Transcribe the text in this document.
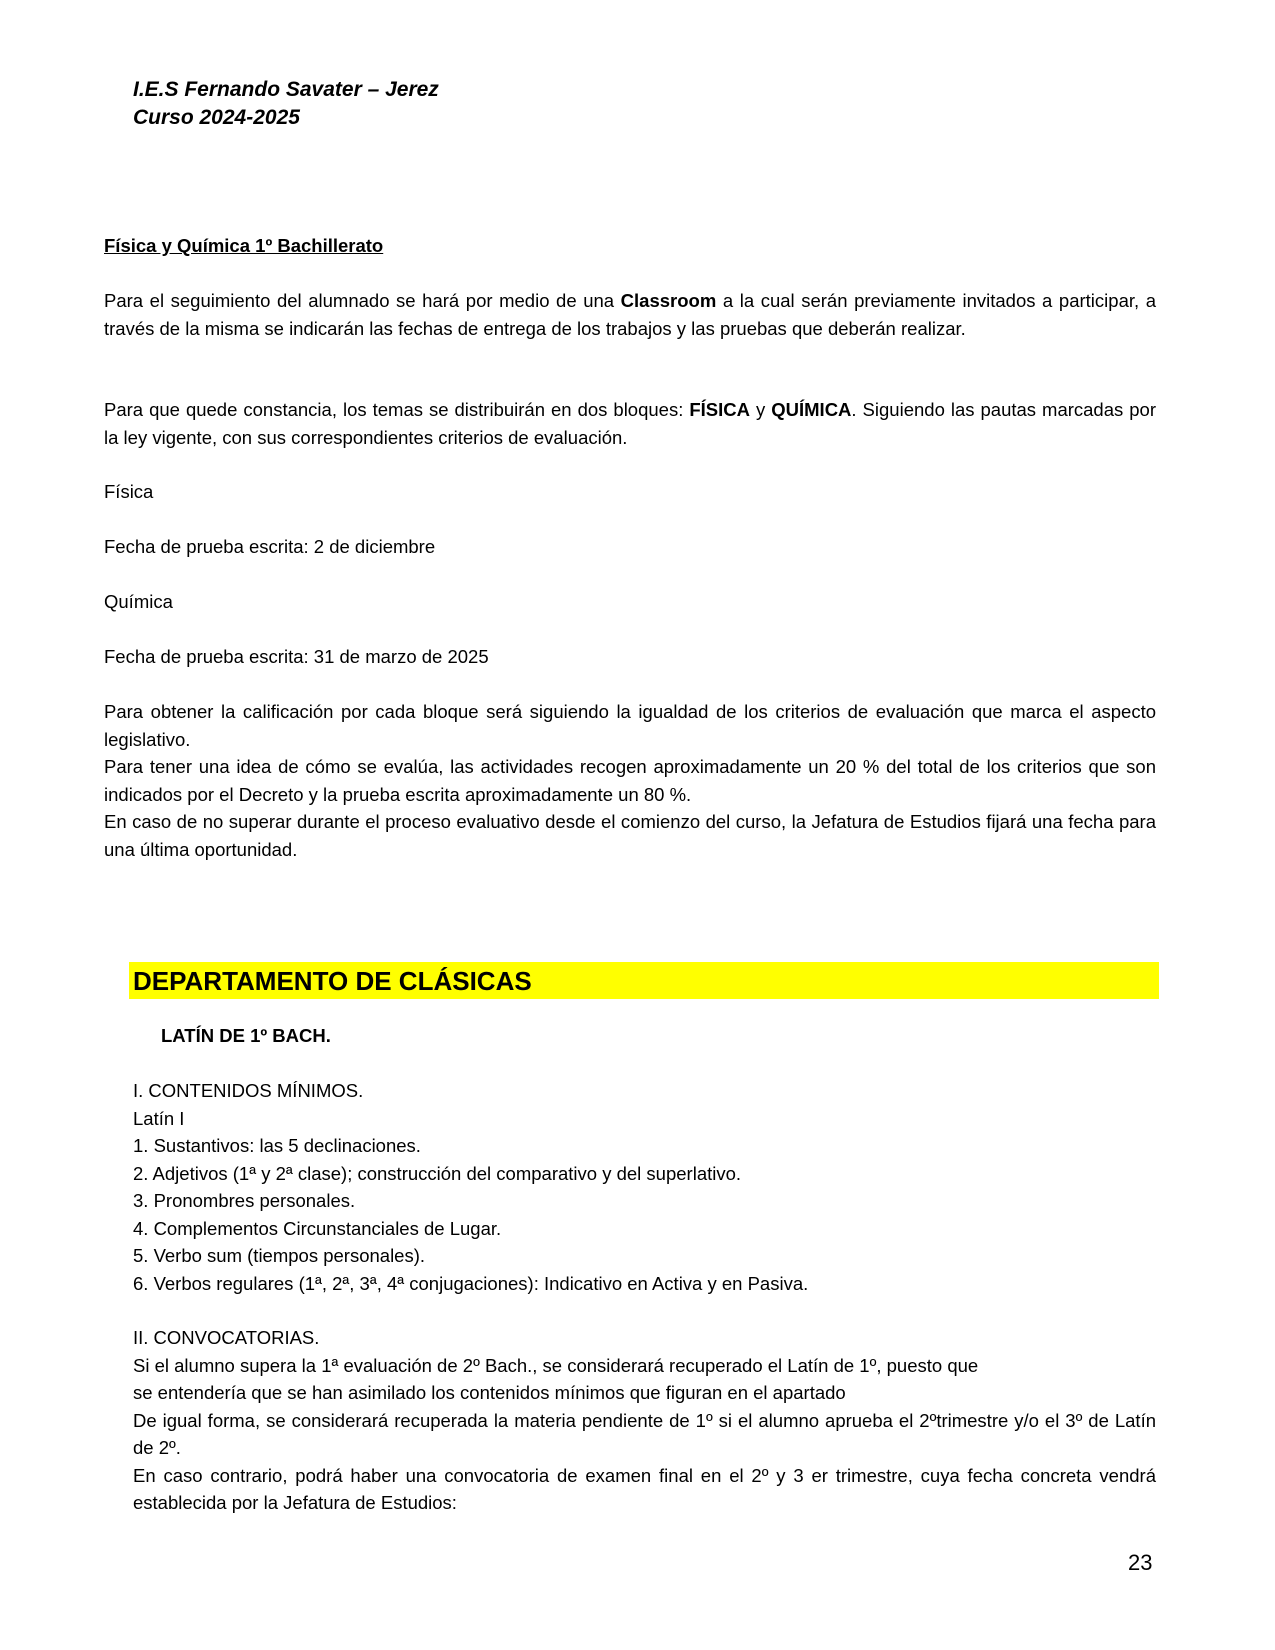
I.E.S Fernando Savater – Jerez
Curso 2024-2025
Física y Química 1º Bachillerato
Para el seguimiento del alumnado se hará por medio de una Classroom a la cual serán previamente invitados a participar, a través de la misma se indicarán las fechas de entrega de los trabajos y las pruebas que deberán realizar.
Para que quede constancia, los temas se distribuirán en dos bloques: FÍSICA y QUÍMICA. Siguiendo las pautas marcadas por la ley vigente, con sus correspondientes criterios de evaluación.
Física
Fecha de prueba escrita: 2 de diciembre
Química
Fecha de prueba escrita: 31 de marzo de 2025

Para obtener la calificación por cada bloque será siguiendo la igualdad de los criterios de evaluación que marca el aspecto legislativo.

Para tener una idea de cómo se evalúa, las actividades recogen aproximadamente un 20 % del total de los criterios que son indicados por el Decreto y la prueba escrita aproximadamente un 80 %.

En caso de no superar durante el proceso evaluativo desde el comienzo del curso, la Jefatura de Estudios fijará una fecha para una última oportunidad.

DEPARTAMENTO DE CLÁSICAS
LATÍN DE 1º BACH.
I. CONTENIDOS MÍNIMOS.
Latín I
1. Sustantivos: las 5 declinaciones.
2. Adjetivos (1ª y 2ª clase); construcción del comparativo y del superlativo.
3. Pronombres personales.
4. Complementos Circunstanciales de Lugar.
5. Verbo sum (tiempos personales).
6. Verbos regulares (1ª, 2ª, 3ª, 4ª conjugaciones): Indicativo en Activa y en Pasiva.
II. CONVOCATORIAS.
Si el alumno supera la 1ª evaluación de 2º Bach., se considerará recuperado el Latín de 1º, puesto que
se entendería que se han asimilado los contenidos mínimos que figuran en el apartado
De igual forma, se considerará recuperada la materia pendiente de 1º si el alumno aprueba el 2ºtrimestre y/o el 3º de Latín de 2º.
En caso contrario, podrá haber una convocatoria de examen final en el 2º y 3 er trimestre, cuya fecha concreta vendrá establecida por la Jefatura de Estudios:
23
